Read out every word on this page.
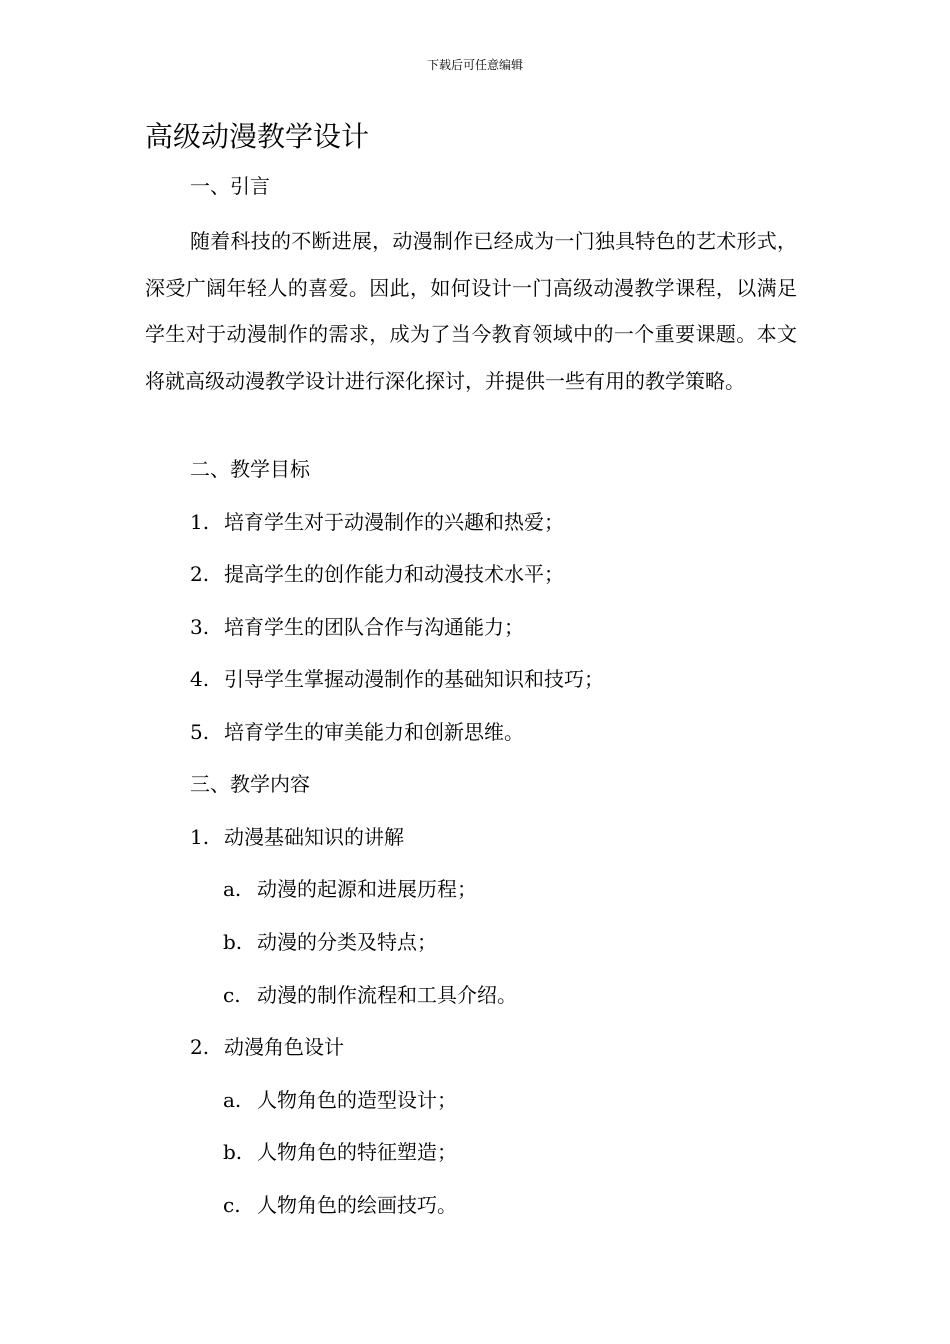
下载后可任意编辑
高级动漫教学设计
一、引言
随着科技的不断进展，动漫制作已经成为一门独具特色的艺术形式，深受广阔年轻人的喜爱。因此，如何设计一门高级动漫教学课程，以满足学生对于动漫制作的需求，成为了当今教育领域中的一个重要课题。本文将就高级动漫教学设计进行深化探讨，并提供一些有用的教学策略。
二、教学目标
1. 培育学生对于动漫制作的兴趣和热爱；
2. 提高学生的创作能力和动漫技术水平；
3. 培育学生的团队合作与沟通能力；
4. 引导学生掌握动漫制作的基础知识和技巧；
5. 培育学生的审美能力和创新思维。
三、教学内容
1. 动漫基础知识的讲解
a. 动漫的起源和进展历程；
b. 动漫的分类及特点；
c. 动漫的制作流程和工具介绍。
2. 动漫角色设计
a. 人物角色的造型设计；
b. 人物角色的特征塑造；
c. 人物角色的绘画技巧。
